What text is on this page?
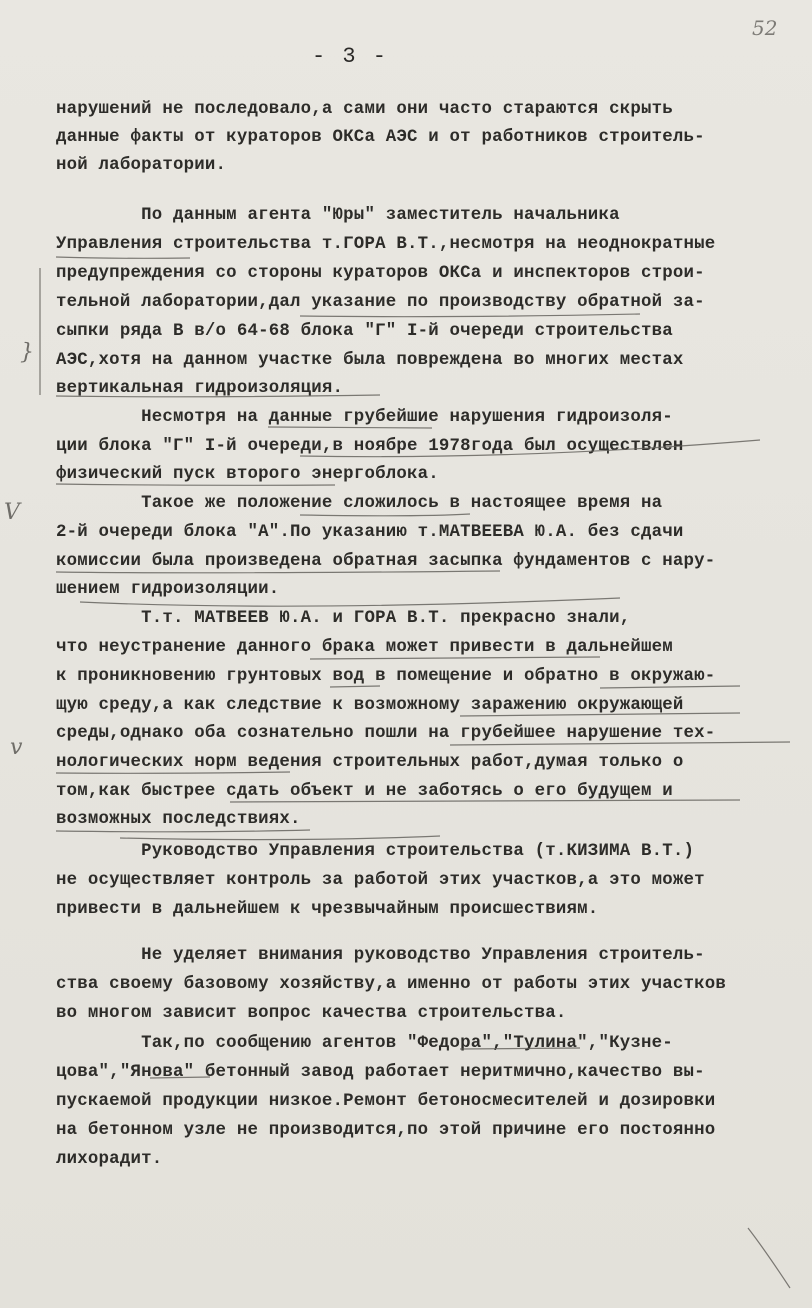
52
- 3 -
нарушений не последовало,а сами они часто стараются скрыть
данные факты от кураторов ОКСа АЭС и от работников строитель-
ной лаборатории.
По данным агента "Юры" заместитель начальника
Управления строительства т.ГОРА В.Т.,несмотря на неоднократные
предупреждения со стороны кураторов ОКСа и инспекторов строи-
тельной лаборатории,дал указание по производству обратной за-
сыпки ряда В в/о 64-68 блока "Г" I-й очереди строительства
АЭС,хотя на данном участке была повреждена во многих местах
вертикальная гидроизоляция.
Несмотря на данные грубейшие нарушения гидроизоля-
ции блока "Г" I-й очереди,в ноябре 1978года был осуществлен
физический пуск второго энергоблока.
Такое же положение сложилось в настоящее время на
2-й очереди блока "А".По указанию т.МАТВЕЕВА Ю.А. без сдачи
комиссии была произведена обратная засыпка фундаментов с нару-
шением гидроизоляции.
Т.т. МАТВЕЕВ Ю.А. и ГОРА В.Т. прекрасно знали,
что неустранение данного брака может привести в дальнейшем
к проникновению грунтовых вод в помещение и обратно в окружаю-
щую среду,а как следствие к возможному заражению окружающей
среды,однако оба сознательно пошли на грубейшее нарушение тех-
нологических норм ведения строительных работ,думая только о
том,как быстрее сдать объект и не заботясь о его будущем и
возможных последствиях.
Руководство Управления строительства (т.КИЗИМА В.Т.)
не осуществляет контроль за работой этих участков,а это может
привести в дальнейшем к чрезвычайным происшествиям.
Не уделяет внимания руководство Управления строитель-
ства своему базовому хозяйству,а именно от работы этих участков
во многом зависит вопрос качества строительства.
Так,по сообщению агентов "Федора","Тулина","Кузне-
цова","Янова" бетонный завод работает неритмично,качество вы-
пускаемой продукции низкое.Ремонт бетоносмесителей и дозировки
на бетонном узле не производится,по этой причине его постоянно
лихорадит.
}
V
v
